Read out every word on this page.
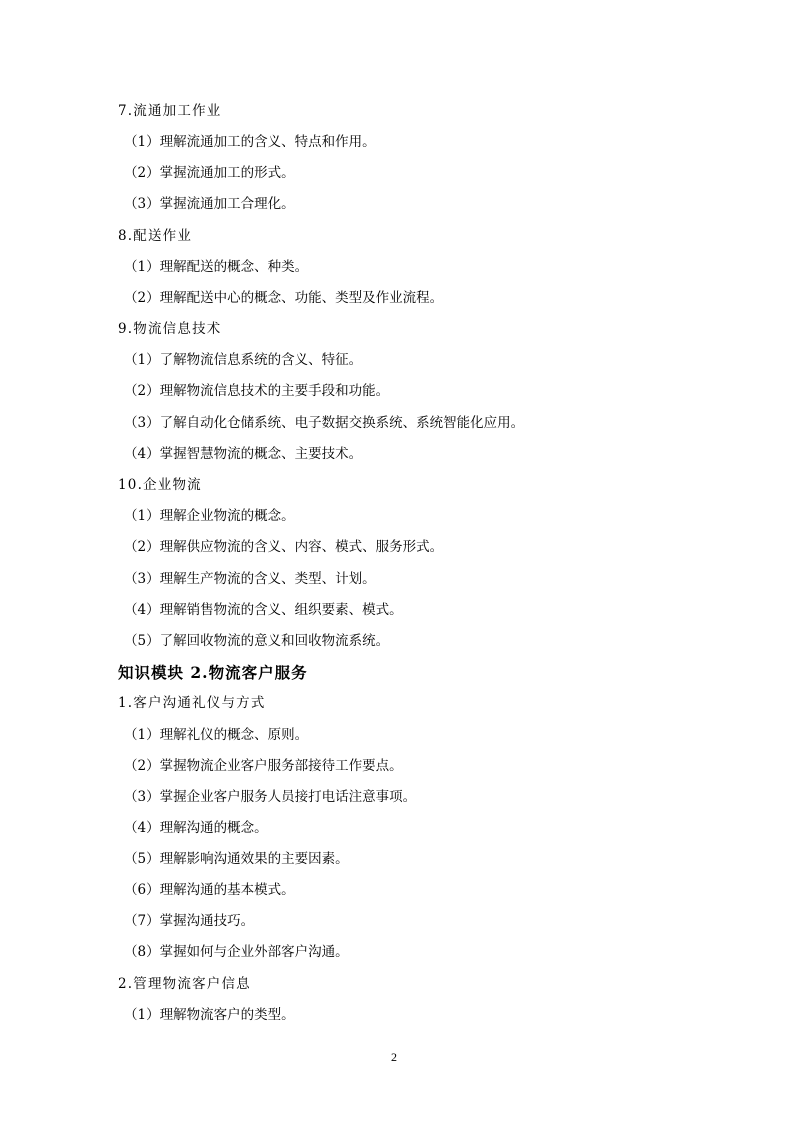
7.流通加工作业
（1）理解流通加工的含义、特点和作用。
（2）掌握流通加工的形式。
（3）掌握流通加工合理化。
8.配送作业
（1）理解配送的概念、种类。
（2）理解配送中心的概念、功能、类型及作业流程。
9.物流信息技术
（1）了解物流信息系统的含义、特征。
（2）理解物流信息技术的主要手段和功能。
（3）了解自动化仓储系统、电子数据交换系统、系统智能化应用。
（4）掌握智慧物流的概念、主要技术。
10.企业物流
（1）理解企业物流的概念。
（2）理解供应物流的含义、内容、模式、服务形式。
（3）理解生产物流的含义、类型、计划。
（4）理解销售物流的含义、组织要素、模式。
（5）了解回收物流的意义和回收物流系统。
知识模块 2.物流客户服务
1.客户沟通礼仪与方式
（1）理解礼仪的概念、原则。
（2）掌握物流企业客户服务部接待工作要点。
（3）掌握企业客户服务人员接打电话注意事项。
（4）理解沟通的概念。
（5）理解影响沟通效果的主要因素。
（6）理解沟通的基本模式。
（7）掌握沟通技巧。
（8）掌握如何与企业外部客户沟通。
2.管理物流客户信息
（1）理解物流客户的类型。
2
